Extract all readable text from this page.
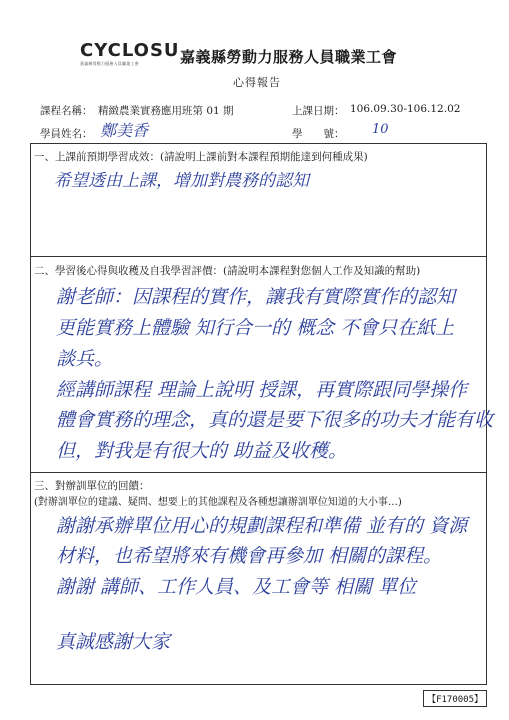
CYCLOSU
嘉義縣勞動力服務人員職業工會	嘉義縣勞動力服務人員職業工會
心得報告
課程名稱： 精緻農業實務應用班第 01 期	上課日期： 106.09.30-106.12.02
學員姓名： 鄭美香	學　　號： 10
一、上課前預期學習成效：(請說明上課前對本課程預期能達到何種成果)
希望透由上課，增加對農務的認知
二、學習後心得與收穫及自我學習評價：(請說明本課程對您個人工作及知識的幫助)
謝老師：因課程的實作，讓我有實際實作的認知
更能實務上體驗 知行合一的 概念 不會只在紙上
談兵。
經講師課程 理論上說明 授課，再實際跟同學操作
體會實務的理念，真的還是要下很多的功夫才能有收
但，對我是有很大的 助益及收穫。
三、對辦訓單位的回饋：
(對辦訓單位的建議、疑問、想要上的其他課程及各種想讓辦訓單位知道的大小事…)
謝謝承辦單位用心的規劃課程和準備 並有的 資源
材料，也希望將來有機會再參加 相關的課程。
謝謝 講師、工作人員、及工會等 相關 單位
真誠感謝大家
【F170005】
